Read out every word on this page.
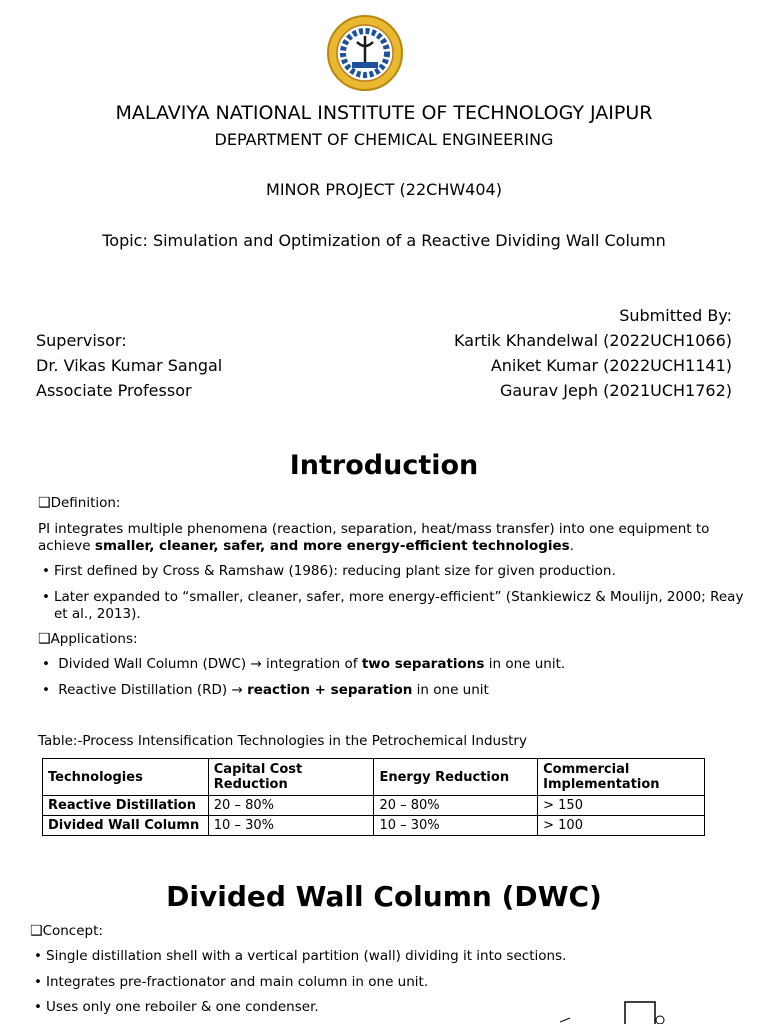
MALAVIYA NATIONAL INSTITUTE OF TECHNOLOGY JAIPUR
DEPARTMENT OF CHEMICAL ENGINEERING
MINOR PROJECT (22CHW404)
Topic: Simulation and Optimization of a Reactive Dividing Wall Column
Submitted By:
Kartik Khandelwal (2022UCH1066)
Aniket Kumar (2022UCH1141)
Gaurav Jeph (2021UCH1762)
Supervisor:
Dr. Vikas Kumar Sangal
Associate Professor
Introduction
❑Definition:
PI integrates multiple phenomena (reaction, separation, heat/mass transfer) into one equipment to achieve smaller, cleaner, safer, and more energy-efficient technologies.
• First defined by Cross & Ramshaw (1986): reducing plant size for given production.
• Later expanded to “smaller, cleaner, safer, more energy-efficient” (Stankiewicz & Moulijn, 2000; Reay et al., 2013).
❑Applications:
• Divided Wall Column (DWC) → integration of two separations in one unit.
• Reactive Distillation (RD) → reaction + separation in one unit
Table:-Process Intensification Technologies in the Petrochemical Industry
Technologies	Capital Cost Reduction	Energy Reduction	Commercial Implementation
Reactive Distillation	20 – 80%	20 – 80%	> 150
Divided Wall Column	10 – 30%	10 – 30%	> 100
Divided Wall Column (DWC)
❑Concept:
• Single distillation shell with a vertical partition (wall) dividing it into sections.
• Integrates pre-fractionator and main column in one unit.
• Uses only one reboiler & one condenser.
